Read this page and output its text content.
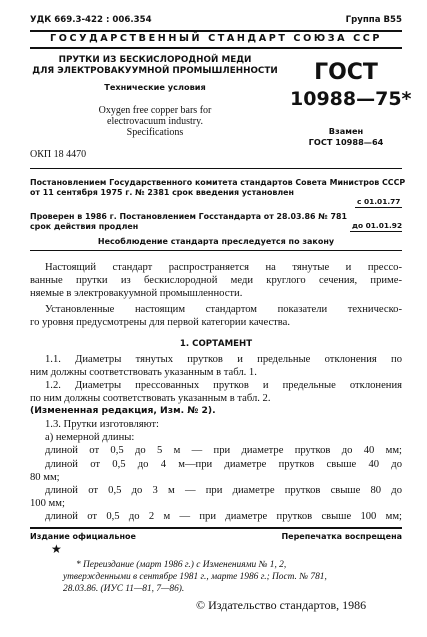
УДК 669.3-422 : 006.354	Группа В55
ГОСУДАРСТВЕННЫЙ СТАНДАРТ СОЮЗА ССР
ПРУТКИ ИЗ БЕСКИСЛОРОДНОЙ МЕДИ
ДЛЯ ЭЛЕКТРОВАКУУМНОЙ ПРОМЫШЛЕННОСТИ
Технические условия
Oxygen free copper bars for
electrovacuum industry.
Specifications
ОКП 18 4470
ГОСТ
10988—75*
Взамен
ГОСТ 10988—64
Постановлением Государственного комитета стандартов Совета Министров СССР
от 11 сентября 1975 г. № 2381 срок введения установлен
с 01.01.77
Проверен в 1986 г. Постановлением Госстандарта от 28.03.86 № 781
срок действия продлен	до 01.01.92
Несоблюдение стандарта преследуется по закону
Настоящий стандарт распространяется на тянутые и прессо-
ванные прутки из бескислородной меди круглого сечения, приме-
няемые в электровакуумной промышленности.
Установленные настоящим стандартом показатели техническо-
го уровня предусмотрены для первой категории качества.
1. СОРТАМЕНТ
1.1. Диаметры тянутых прутков и предельные отклонения по
ним должны соответствовать указанным в табл. 1.
1.2. Диаметры прессованных прутков и предельные отклонения
по ним должны соответствовать указанным в табл. 2.
(Измененная редакция, Изм. № 2).
1.3. Прутки изготовляют:
а) немерной длины:
длиной от 0,5 до 5 м — при диаметре прутков до 40 мм;
длиной от 0,5 до 4 м—при диаметре прутков свыше 40 до
80 мм;
длиной от 0,5 до 3 м — при диаметре прутков свыше 80 до
100 мм;
длиной от 0,5 до 2 м — при диаметре прутков свыше 100 мм;
Издание официальное	Перепечатка воспрещена
★
* Переиздание (март 1986 г.) с Изменениями № 1, 2,
утвержденными в сентябре 1981 г., марте 1986 г.; Пост. № 781,
28.03.86. (ИУС 11—81, 7—86).
© Издательство стандартов, 1986
